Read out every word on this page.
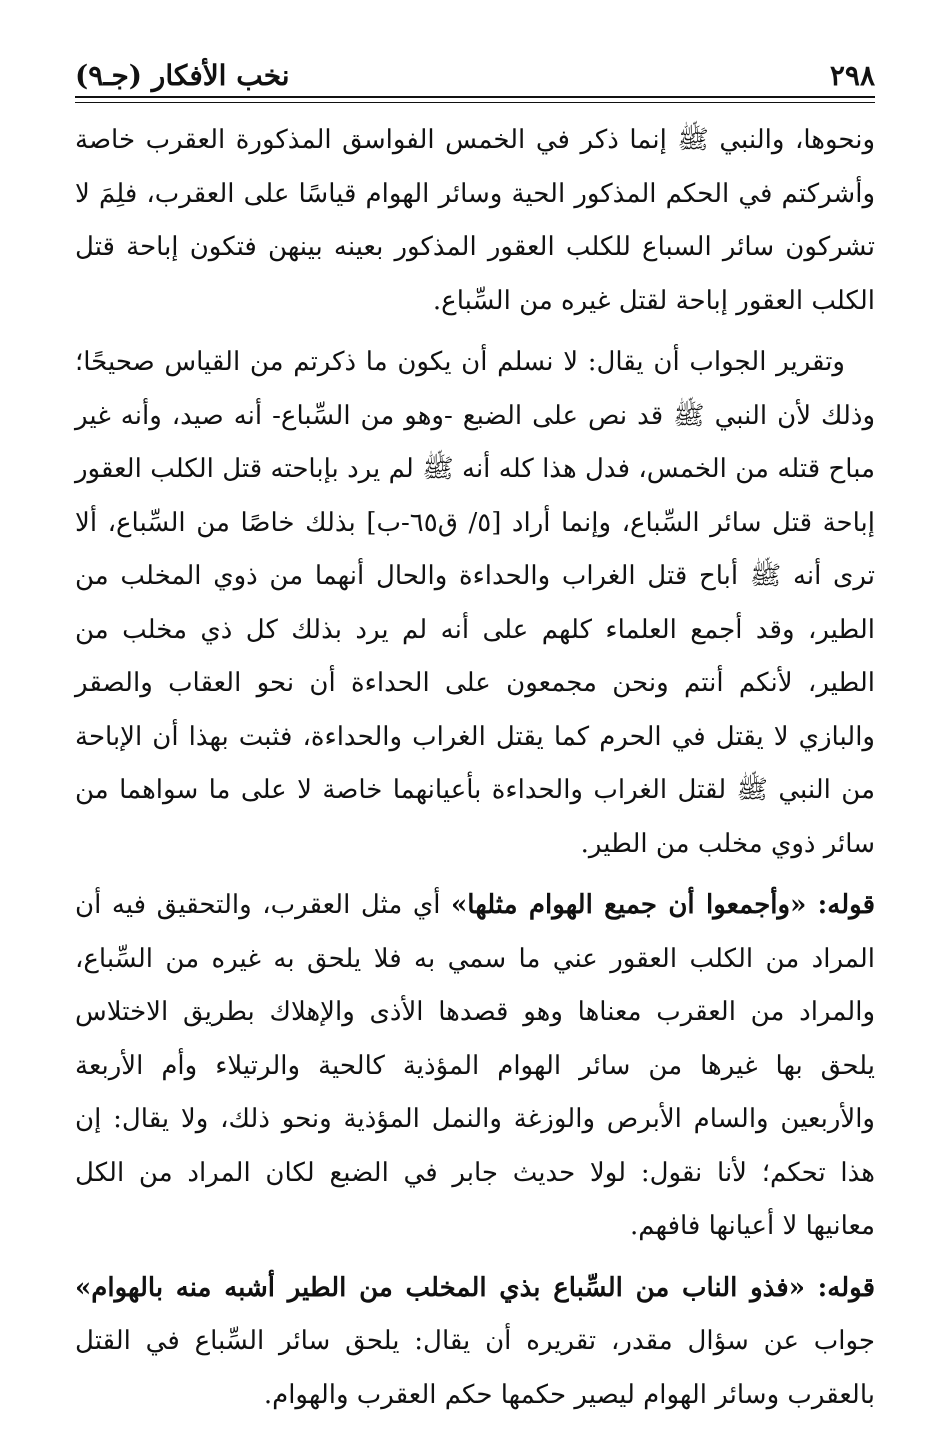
٢٩٨
نخب الأفكار (جـ٩)

ونحوها، والنبي ﷺ إنما ذكر في الخمس الفواسق المذكورة العقرب خاصة وأشركتم في الحكم المذكور الحية وسائر الهوام قياسًا على العقرب، فلِمَ لا تشركون سائر السباع للكلب العقور المذكور بعينه بينهن فتكون إباحة قتل الكلب العقور إباحة لقتل غيره من السِّباع.

وتقرير الجواب أن يقال: لا نسلم أن يكون ما ذكرتم من القياس صحيحًا؛ وذلك لأن النبي ﷺ قد نص على الضبع -وهو من السِّباع- أنه صيد، وأنه غير مباح قتله من الخمس، فدل هذا كله أنه ﷺ لم يرد بإباحته قتل الكلب العقور إباحة قتل سائر السِّباع، وإنما أراد [٥/ ق٦٥-ب] بذلك خاصًا من السِّباع، ألا ترى أنه ﷺ أباح قتل الغراب والحداءة والحال أنهما من ذوي المخلب من الطير، وقد أجمع العلماء كلهم على أنه لم يرد بذلك كل ذي مخلب من الطير، لأنكم أنتم ونحن مجمعون على الحداءة أن نحو العقاب والصقر والبازي لا يقتل في الحرم كما يقتل الغراب والحداءة، فثبت بهذا أن الإباحة من النبي ﷺ لقتل الغراب والحداءة بأعيانهما خاصة لا على ما سواهما من سائر ذوي مخلب من الطير.

قوله: «وأجمعوا أن جميع الهوام مثلها» أي مثل العقرب، والتحقيق فيه أن المراد من الكلب العقور عني ما سمي به فلا يلحق به غيره من السِّباع، والمراد من العقرب معناها وهو قصدها الأذى والإهلاك بطريق الاختلاس يلحق بها غيرها من سائر الهوام المؤذية كالحية والرتيلاء وأم الأربعة والأربعين والسام الأبرص والوزغة والنمل المؤذية ونحو ذلك، ولا يقال: إن هذا تحكم؛ لأنا نقول: لولا حديث جابر في الضبع لكان المراد من الكل معانيها لا أعيانها فافهم.

قوله: «فذو الناب من السِّباع بذي المخلب من الطير أشبه منه بالهوام» جواب عن سؤال مقدر، تقريره أن يقال: يلحق سائر السِّباع في القتل بالعقرب وسائر الهوام ليصير حكمها حكم العقرب والهوام.
